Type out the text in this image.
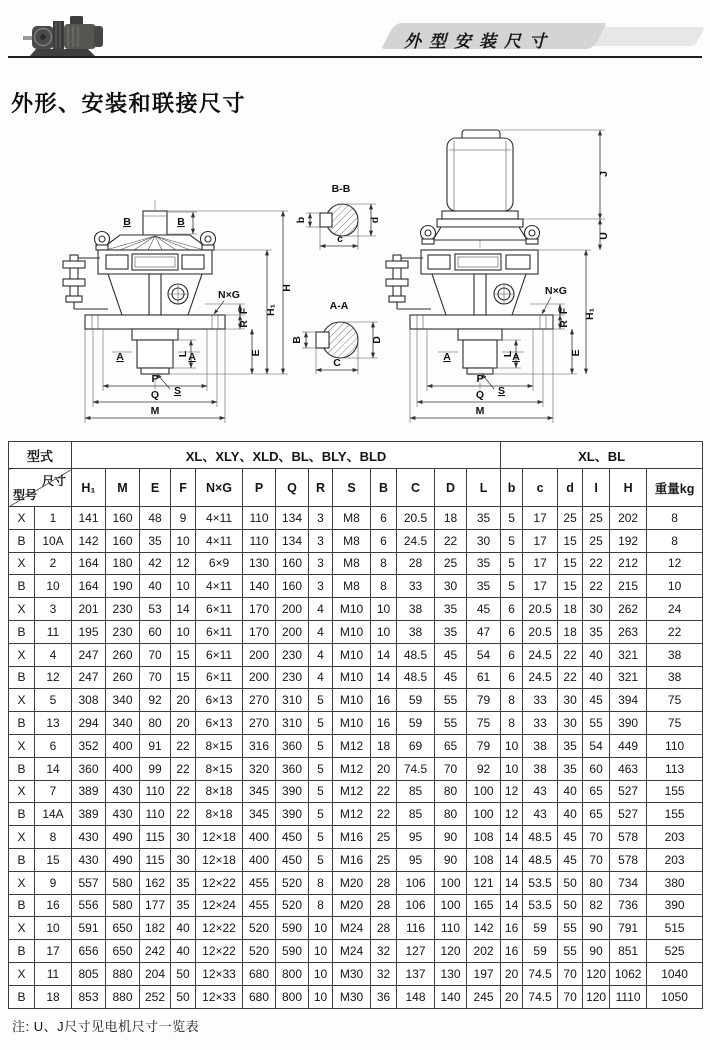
外型安装尺寸
外形、安装和联接尺寸
B	B
A	A
L
S
P
Q
M
N×G
F
R
E
H₁
H
B-B
b	d
c
A-A
B	D
C	A	A
L
S
P
Q
M
N×G
F
R
E
H₁
U
J
型式		XL、XLY、XLD、BL、BLY、BLD													XL、BL					

尺寸
型号		H₁	M	E	F	N×G	P	Q	R	S	B	C	D	L	b	c	d	I	H	重量kg
X	1	141	160	48	9	4×11	110	134	3	M8	6	20.5	18	35	5	17	25	25	202	8
B	10A	142	160	35	10	4×11	110	134	3	M8	6	24.5	22	30	5	17	15	25	192	8
X	2	164	180	42	12	6×9	130	160	3	M8	8	28	25	35	5	17	15	22	212	12
B	10	164	190	40	10	4×11	140	160	3	M8	8	33	30	35	5	17	15	22	215	10
X	3	201	230	53	14	6×11	170	200	4	M10	10	38	35	45	6	20.5	18	30	262	24
B	11	195	230	60	10	6×11	170	200	4	M10	10	38	35	47	6	20.5	18	35	263	22
X	4	247	260	70	15	6×11	200	230	4	M10	14	48.5	45	54	6	24.5	22	40	321	38
B	12	247	260	70	15	6×11	200	230	4	M10	14	48.5	45	61	6	24.5	22	40	321	38
X	5	308	340	92	20	6×13	270	310	5	M10	16	59	55	79	8	33	30	45	394	75
B	13	294	340	80	20	6×13	270	310	5	M10	16	59	55	75	8	33	30	55	390	75
X	6	352	400	91	22	8×15	316	360	5	M12	18	69	65	79	10	38	35	54	449	110
B	14	360	400	99	22	8×15	320	360	5	M12	20	74.5	70	92	10	38	35	60	463	113
X	7	389	430	110	22	8×18	345	390	5	M12	22	85	80	100	12	43	40	65	527	155
B	14A	389	430	110	22	8×18	345	390	5	M12	22	85	80	100	12	43	40	65	527	155
X	8	430	490	115	30	12×18	400	450	5	M16	25	95	90	108	14	48.5	45	70	578	203
B	15	430	490	115	30	12×18	400	450	5	M16	25	95	90	108	14	48.5	45	70	578	203
X	9	557	580	162	35	12×22	455	520	8	M20	28	106	100	121	14	53.5	50	80	734	380
B	16	556	580	177	35	12×24	455	520	8	M20	28	106	100	165	14	53.5	50	82	736	390
X	10	591	650	182	40	12×22	520	590	10	M24	28	116	110	142	16	59	55	90	791	515
B	17	656	650	242	40	12×22	520	590	10	M24	32	127	120	202	16	59	55	90	851	525
X	11	805	880	204	50	12×33	680	800	10	M30	32	137	130	197	20	74.5	70	120	1062	1040
B	18	853	880	252	50	12×33	680	800	10	M30	36	148	140	245	20	74.5	70	120	1110	1050
注: U、J尺寸见电机尺寸一览表
